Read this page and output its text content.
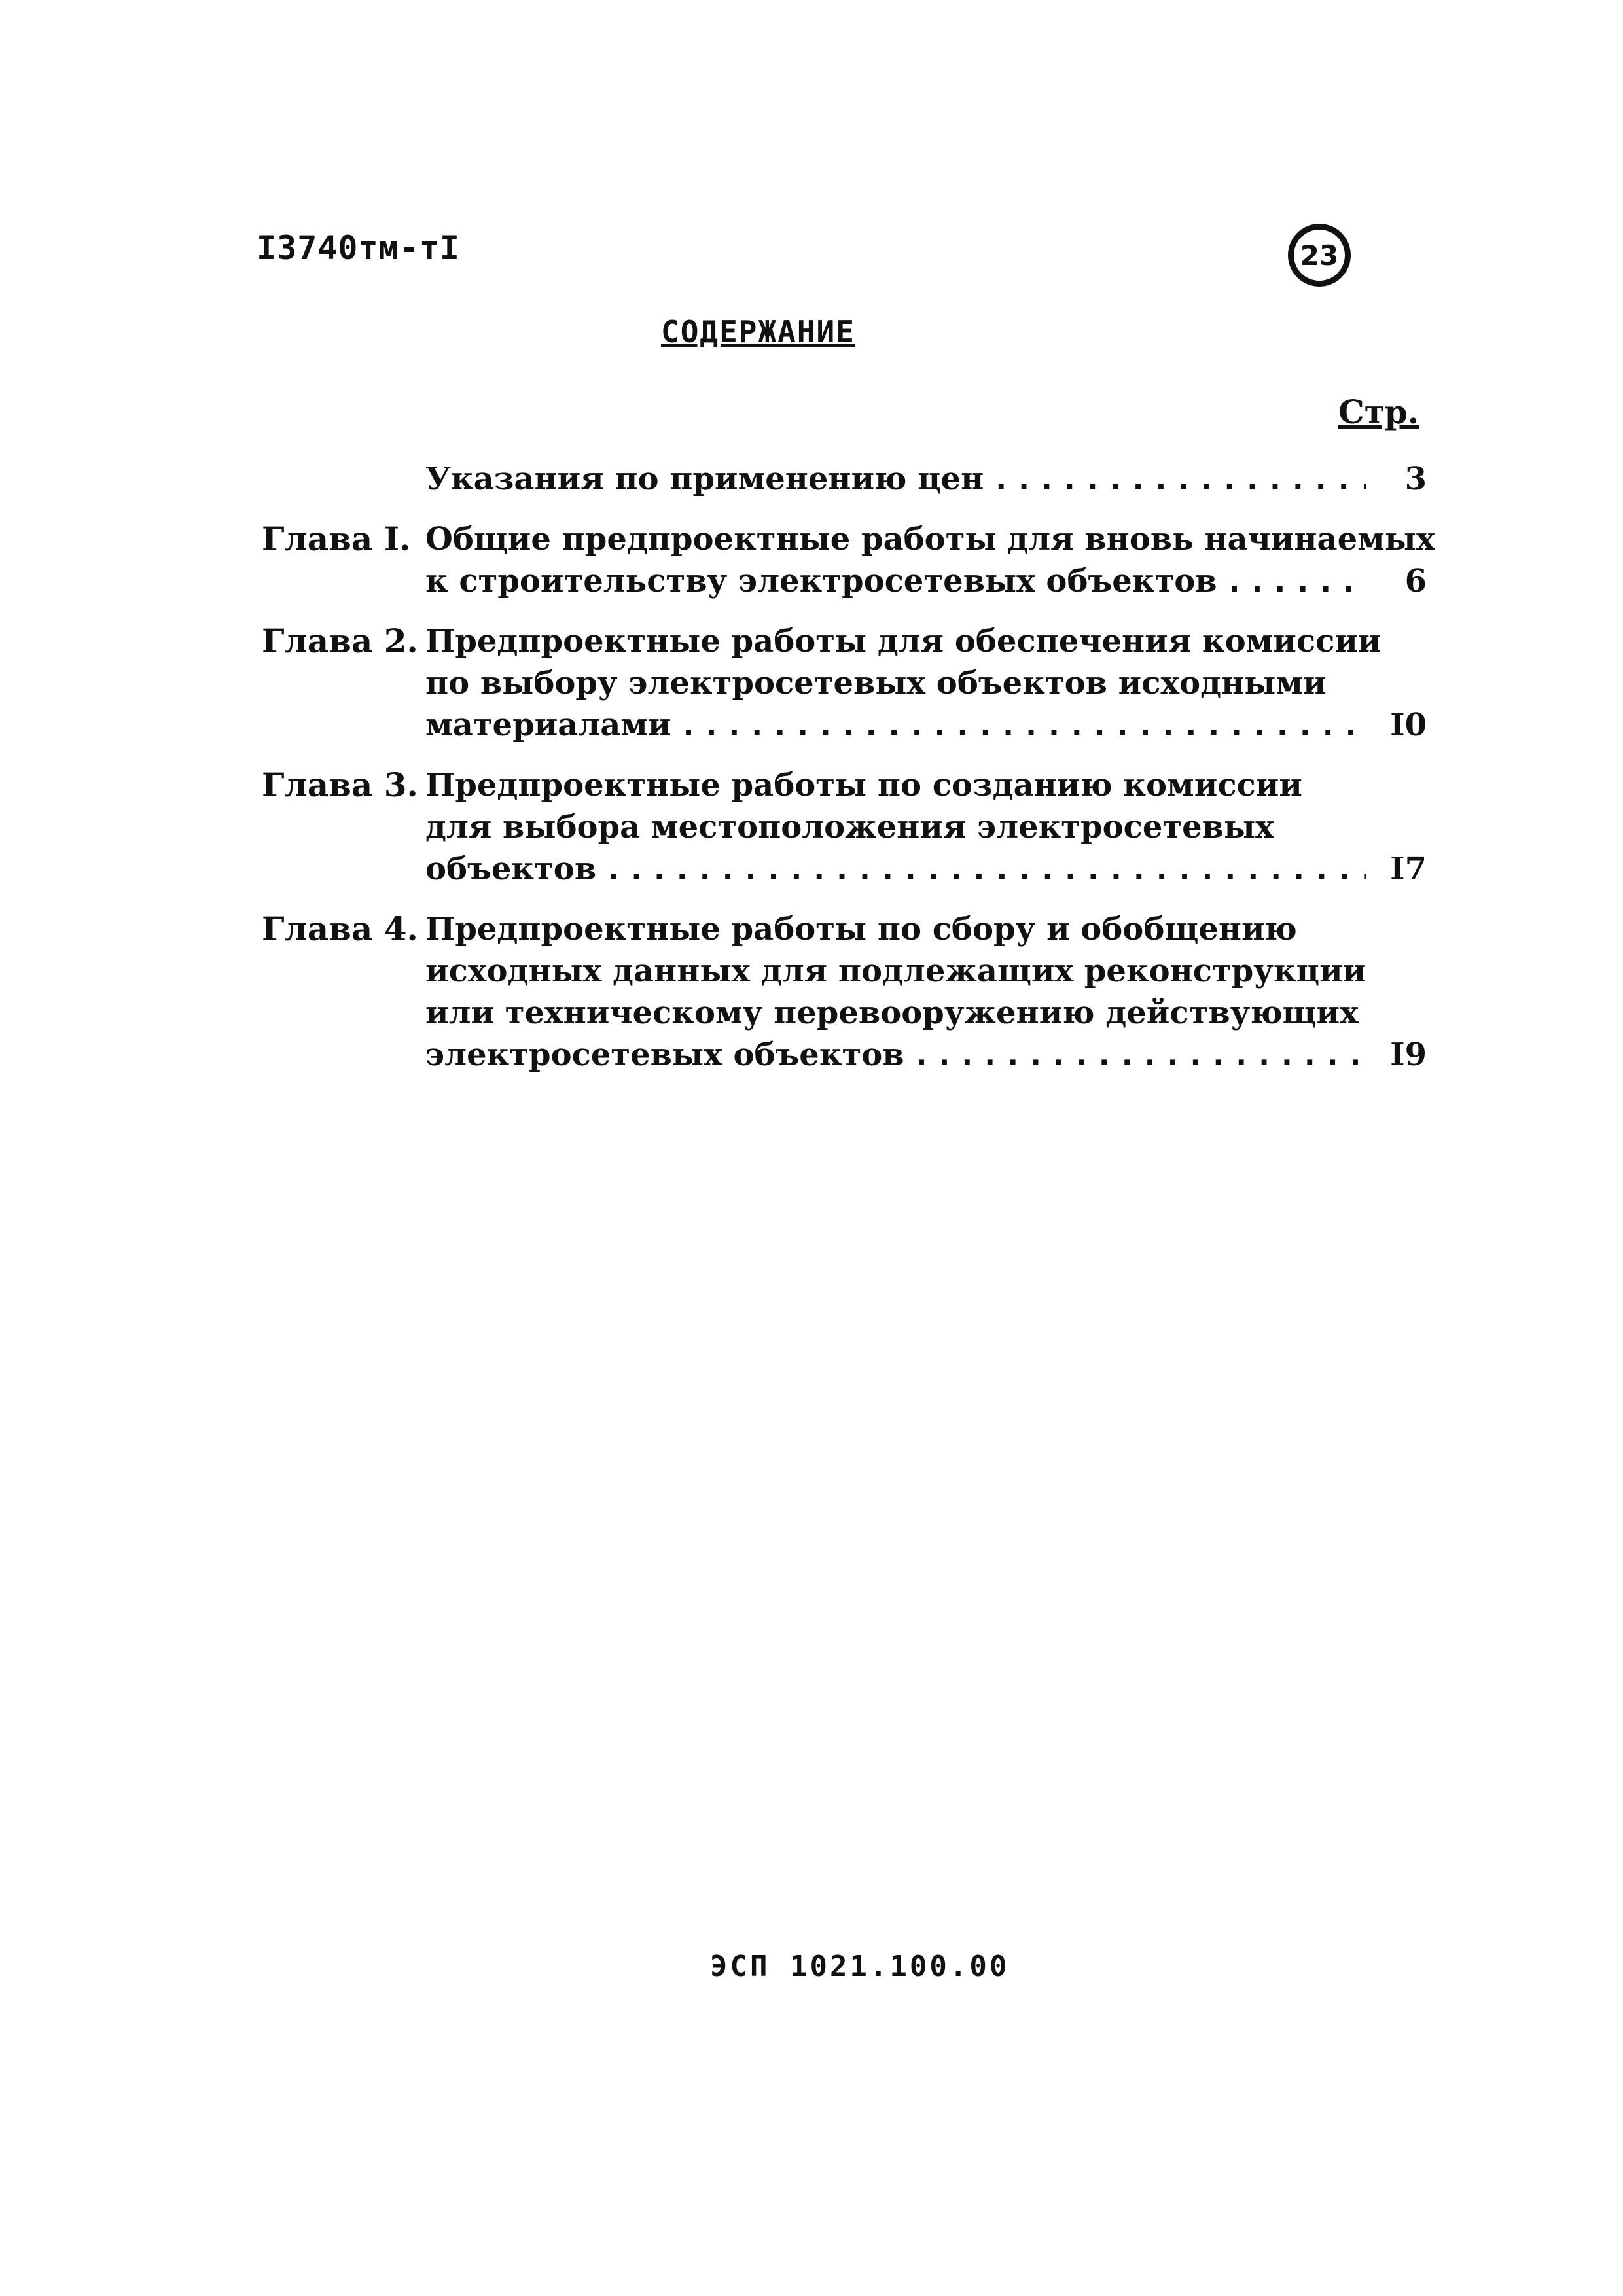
I3740тм-тI	23
СОДЕРЖАНИЕ
Стр.
Указания по применению цен .....	3
Глава I. Общие предпроектные работы для вновь начинаемых
к строительству электросетевых объектов .....	6
Глава 2. Предпроектные работы для обеспечения комиссии
по выбору электросетевых объектов исходными
материалами .....	I0
Глава 3. Предпроектные работы по созданию комиссии
для выбора местоположения электросетевых
объектов .....	I7
Глава 4. Предпроектные работы по сбору и обобщению
исходных данных для подлежащих реконструкции
или техническому перевооружению действующих
электросетевых объектов .....	I9
ЭСП 1021.100.00
